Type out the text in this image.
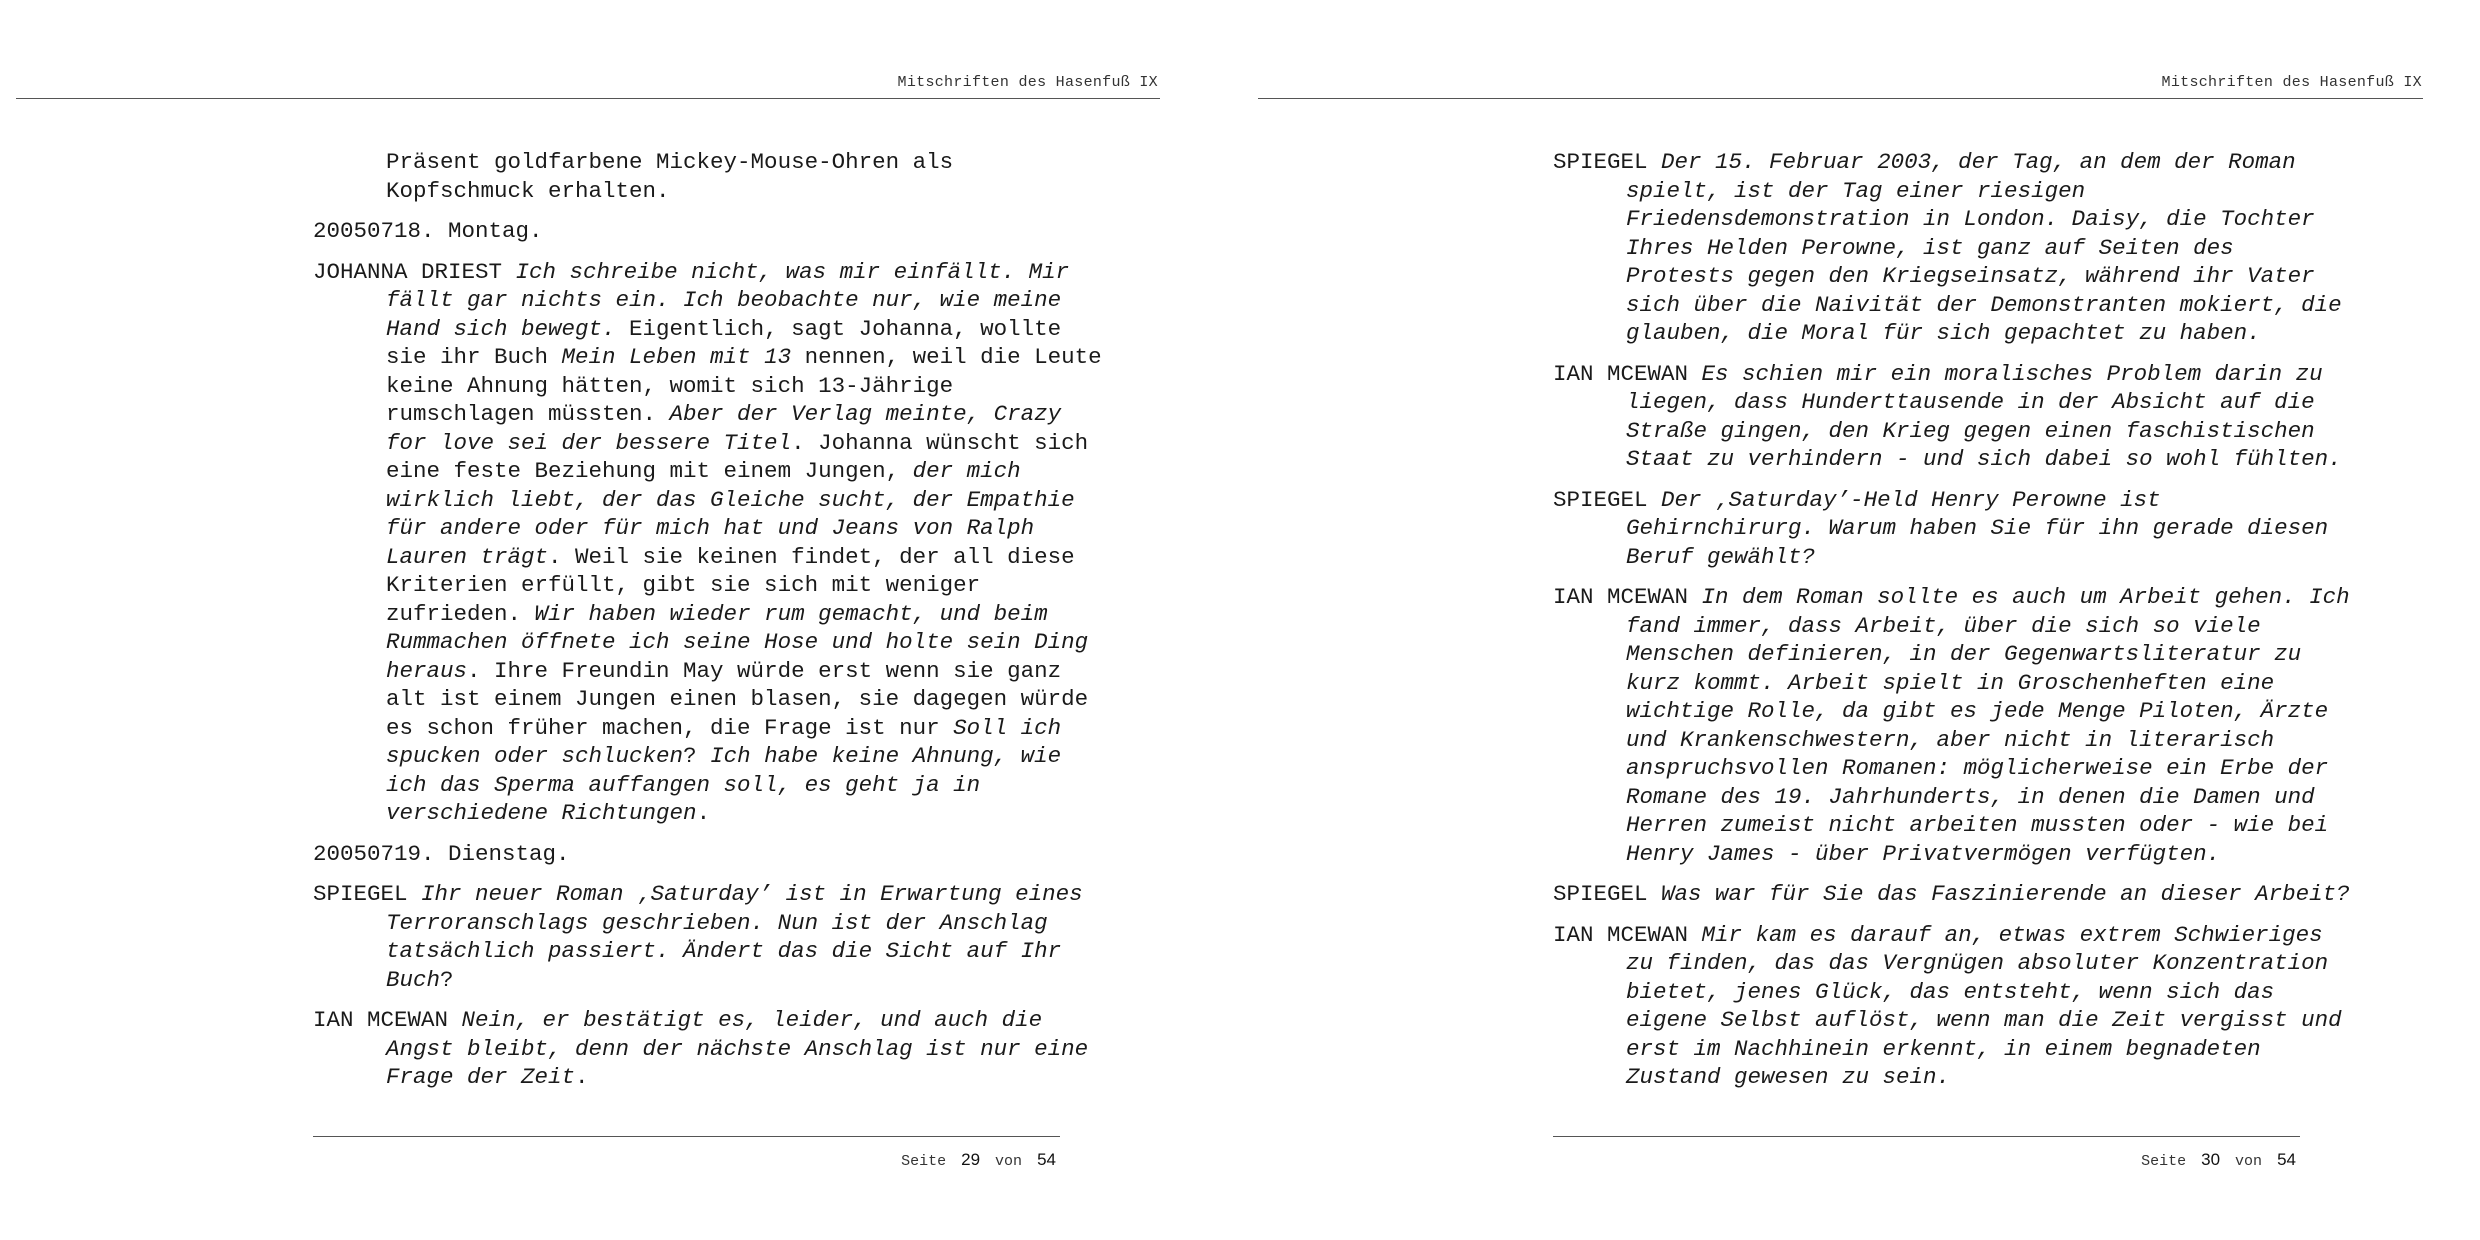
Mitschriften des Hasenfuß IX

Präsent goldfarbene Mickey-Mouse-Ohren als Kopfschmuck erhalten.

20050718. Montag.

JOHANNA DRIEST Ich schreibe nicht, was mir einfällt. Mir fällt gar nichts ein. Ich beobachte nur, wie meine Hand sich bewegt. Eigentlich, sagt Johanna, wollte sie ihr Buch Mein Leben mit 13 nennen, weil die Leute keine Ahnung hätten, womit sich 13-Jährige rumschlagen müssten. Aber der Verlag meinte, Crazy for love sei der bessere Titel. Johanna wünscht sich eine feste Beziehung mit einem Jungen, der mich wirklich liebt, der das Gleiche sucht, der Empathie für andere oder für mich hat und Jeans von Ralph Lauren trägt. Weil sie keinen findet, der all diese Kriterien erfüllt, gibt sie sich mit weniger zufrieden. Wir haben wieder rum gemacht, und beim Rummachen öffnete ich seine Hose und holte sein Ding heraus. Ihre Freundin May würde erst wenn sie ganz alt ist einem Jungen einen blasen, sie dagegen würde es schon früher machen, die Frage ist nur Soll ich spucken oder schlucken? Ich habe keine Ahnung, wie ich das Sperma auffangen soll, es geht ja in verschiedene Richtungen.

20050719. Dienstag.

SPIEGEL Ihr neuer Roman ‚Saturday’ ist in Erwartung eines Terroranschlags geschrieben. Nun ist der Anschlag tatsächlich passiert. Ändert das die Sicht auf Ihr Buch?

IAN MCEWAN Nein, er bestätigt es, leider, und auch die Angst bleibt, denn der nächste Anschlag ist nur eine Frage der Zeit.

Seite 29 von 54
Mitschriften des Hasenfuß IX

SPIEGEL Der 15. Februar 2003, der Tag, an dem der Roman spielt, ist der Tag einer riesigen Friedensdemonstration in London. Daisy, die Tochter Ihres Helden Perowne, ist ganz auf Seiten des Protests gegen den Kriegseinsatz, während ihr Vater sich über die Naivität der Demonstranten mokiert, die glauben, die Moral für sich gepachtet zu haben.

IAN MCEWAN Es schien mir ein moralisches Problem darin zu liegen, dass Hunderttausende in der Absicht auf die Straße gingen, den Krieg gegen einen faschistischen Staat zu verhindern - und sich dabei so wohl fühlten.

SPIEGEL Der ‚Saturday’-Held Henry Perowne ist Gehirnchirurg. Warum haben Sie für ihn gerade diesen Beruf gewählt?

IAN MCEWAN In dem Roman sollte es auch um Arbeit gehen. Ich fand immer, dass Arbeit, über die sich so viele Menschen definieren, in der Gegenwartsliteratur zu kurz kommt. Arbeit spielt in Groschenheften eine wichtige Rolle, da gibt es jede Menge Piloten, Ärzte und Krankenschwestern, aber nicht in literarisch anspruchsvollen Romanen: möglicherweise ein Erbe der Romane des 19. Jahrhunderts, in denen die Damen und Herren zumeist nicht arbeiten mussten oder - wie bei Henry James - über Privatvermögen verfügten.

SPIEGEL Was war für Sie das Faszinierende an dieser Arbeit?

IAN MCEWAN Mir kam es darauf an, etwas extrem Schwieriges zu finden, das das Vergnügen absoluter Konzentration bietet, jenes Glück, das entsteht, wenn sich das eigene Selbst auflöst, wenn man die Zeit vergisst und erst im Nachhinein erkennt, in einem begnadeten Zustand gewesen zu sein.

Seite 30 von 54
